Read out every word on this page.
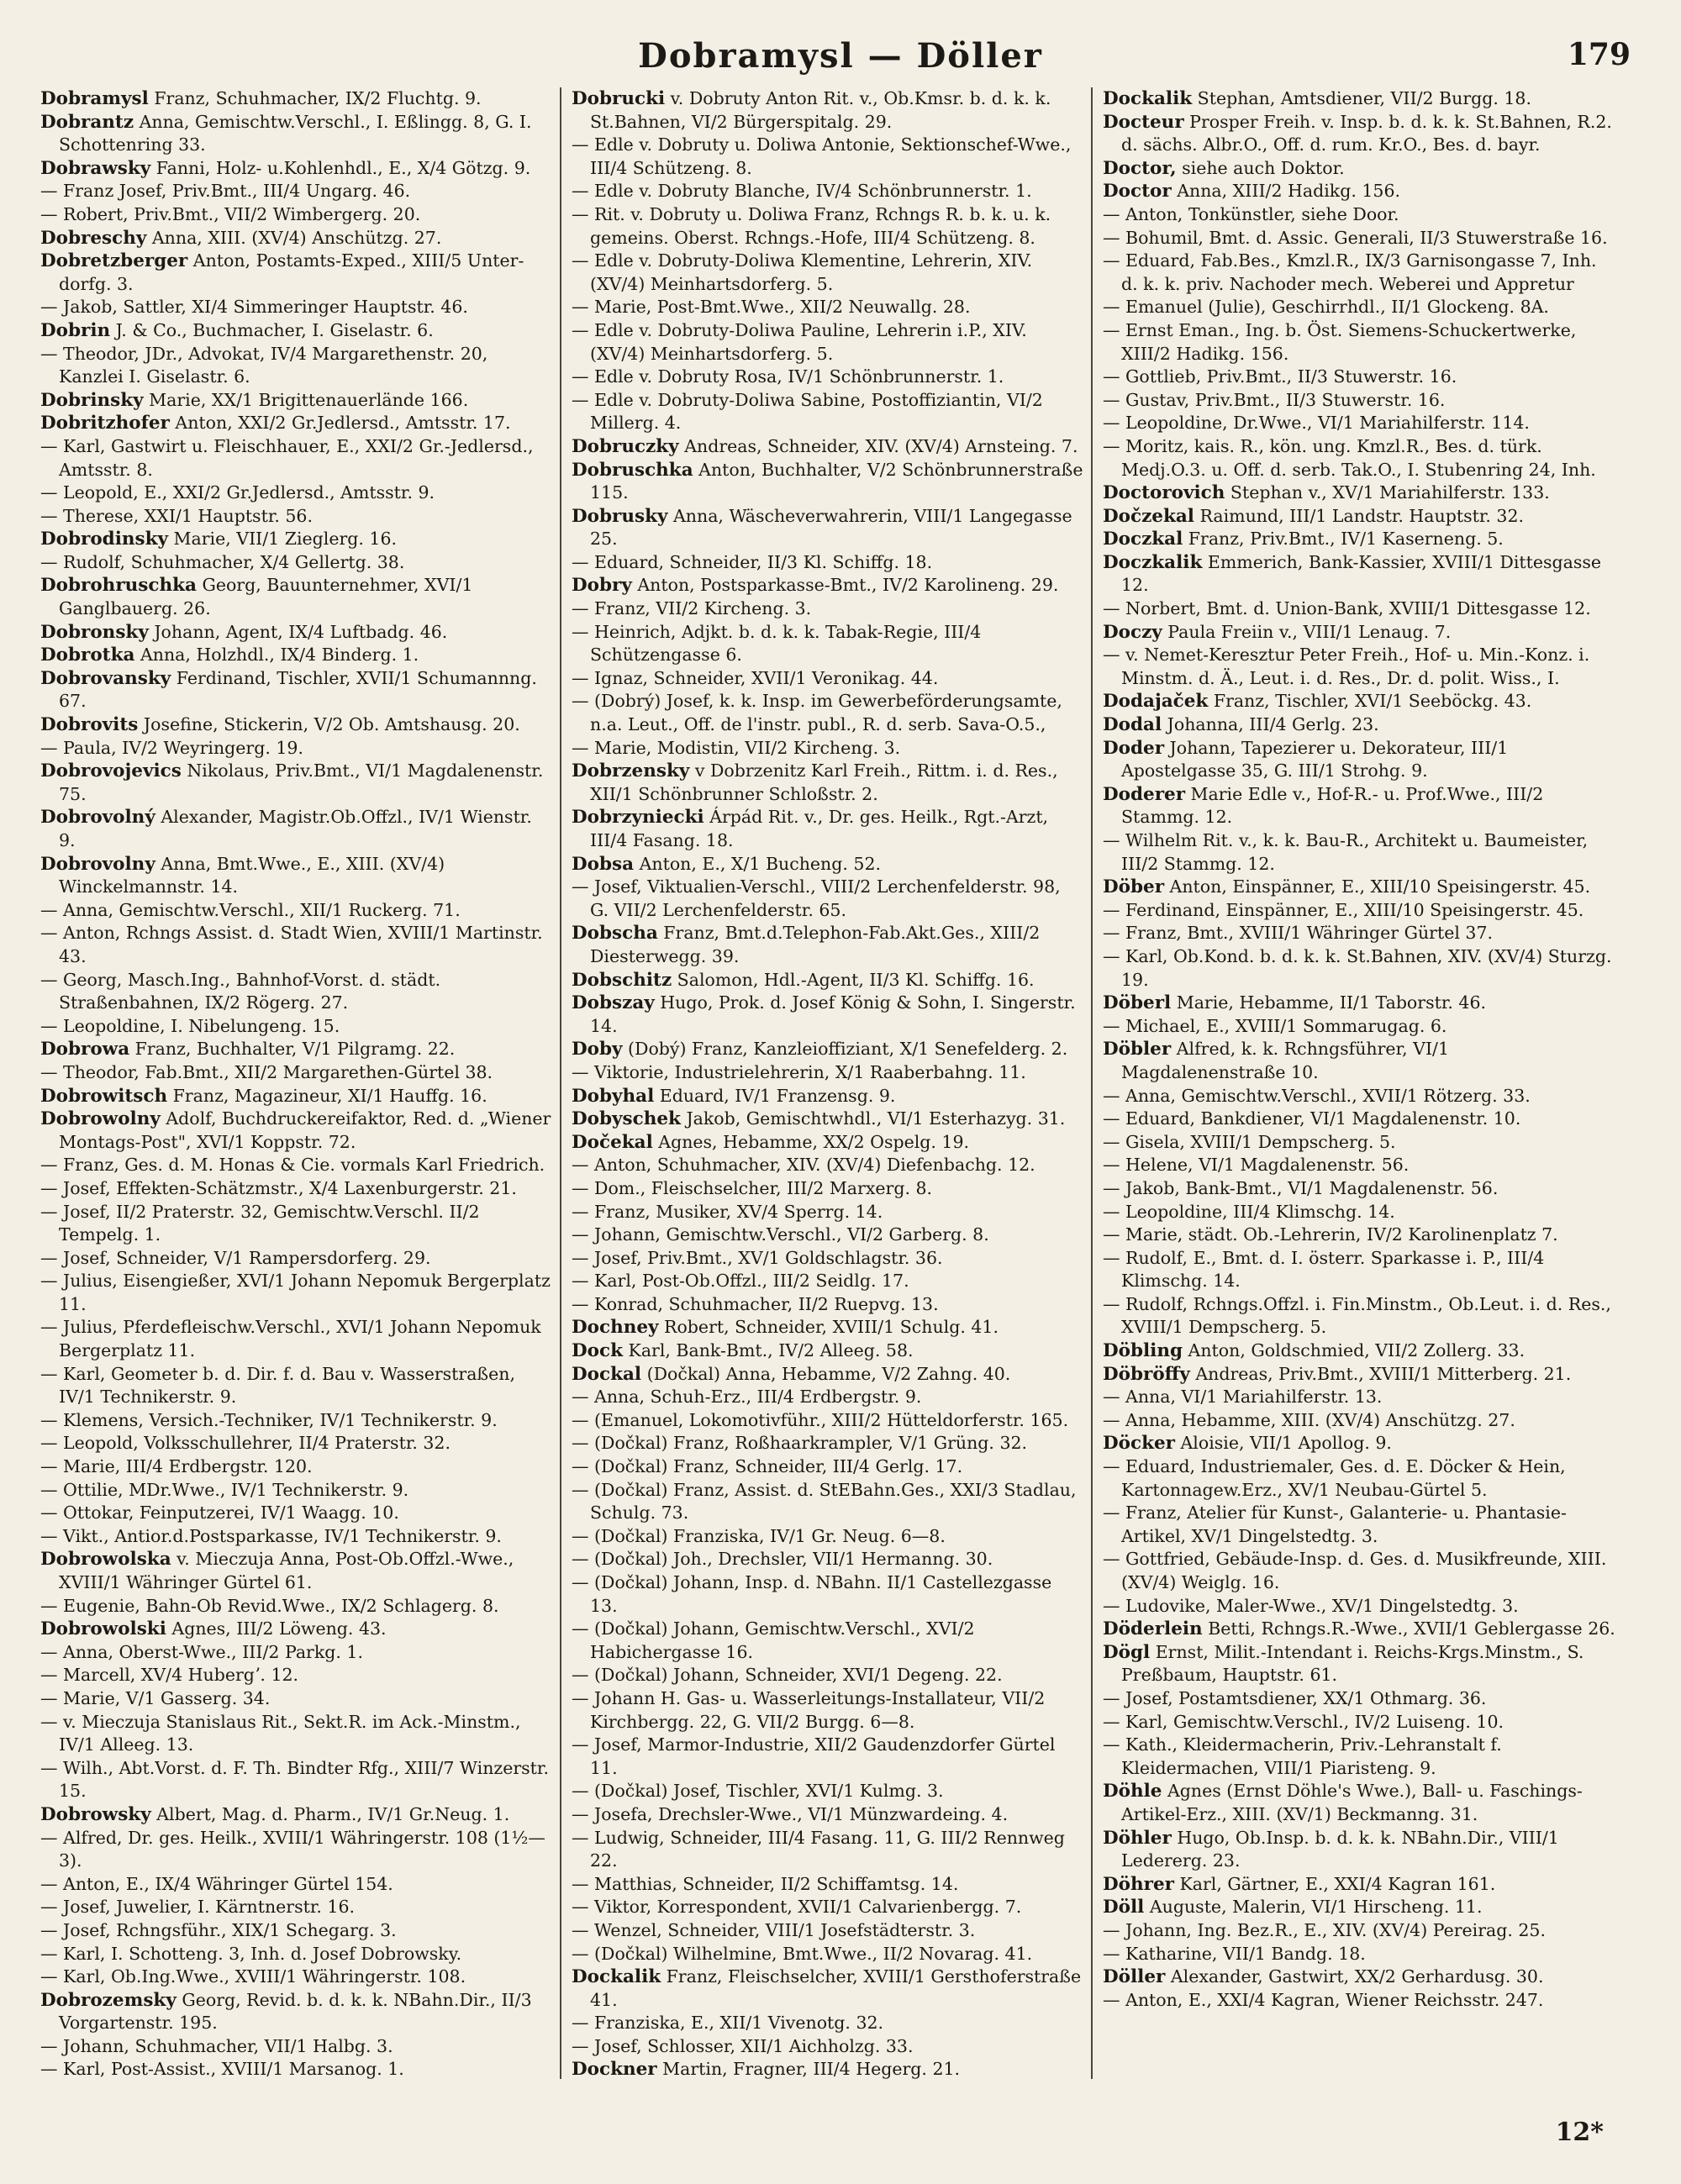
Dobramysl — Döller	179

Dobramysl Franz, Schuhmacher, IX/2 Fluchtg. 9.

Dobrantz Anna, Gemischtw.Verschl., I. Eßlingg. 8, G. I. Schottenring 33.

Dobrawsky Fanni, Holz- u.Kohlenhdl., E., X/4 Götzg. 9.

— Franz Josef, Priv.Bmt., III/4 Ungarg. 46.

— Robert, Priv.Bmt., VII/2 Wimbergerg. 20.

Dobreschy Anna, XIII. (XV/4) Anschützg. 27.

Dobretzberger Anton, Postamts-Exped., XIII/5 Unter-dorfg. 3.

— Jakob, Sattler, XI/4 Simmeringer Hauptstr. 46.

Dobrin J. & Co., Buchmacher, I. Giselastr. 6.

— Theodor, JDr., Advokat, IV/4 Margarethenstr. 20, Kanzlei I. Giselastr. 6.

Dobrinsky Marie, XX/1 Brigittenauerlände 166.

Dobritzhofer Anton, XXI/2 Gr.Jedlersd., Amtsstr. 17.

— Karl, Gastwirt u. Fleischhauer, E., XXI/2 Gr.-Jedlersd., Amtsstr. 8.

— Leopold, E., XXI/2 Gr.Jedlersd., Amtsstr. 9.

— Therese, XXI/1 Hauptstr. 56.

Dobrodinsky Marie, VII/1 Zieglerg. 16.

— Rudolf, Schuhmacher, X/4 Gellertg. 38.

Dobrohruschka Georg, Bauunternehmer, XVI/1 Ganglbauerg. 26.

Dobronsky Johann, Agent, IX/4 Luftbadg. 46.

Dobrotka Anna, Holzhdl., IX/4 Binderg. 1.

Dobrovansky Ferdinand, Tischler, XVII/1 Schumannng. 67.

Dobrovits Josefine, Stickerin, V/2 Ob. Amtshausg. 20.

— Paula, IV/2 Weyringerg. 19.

Dobrovojevics Nikolaus, Priv.Bmt., VI/1 Magdalenenstr. 75.

Dobrovolný Alexander, Magistr.Ob.Offzl., IV/1 Wienstr. 9.

Dobrovolny Anna, Bmt.Wwe., E., XIII. (XV/4) Winckelmannstr. 14.

— Anna, Gemischtw.Verschl., XII/1 Ruckerg. 71.

— Anton, Rchngs Assist. d. Stadt Wien, XVIII/1 Martinstr. 43.

— Georg, Masch.Ing., Bahnhof-Vorst. d. städt. Straßenbahnen, IX/2 Rögerg. 27.

— Leopoldine, I. Nibelungeng. 15.

Dobrowa Franz, Buchhalter, V/1 Pilgramg. 22.

— Theodor, Fab.Bmt., XII/2 Margarethen-Gürtel 38.

Dobrowitsch Franz, Magazineur, XI/1 Hauffg. 16.

Dobrowolny Adolf, Buchdruckereifaktor, Red. d. „Wiener Montags-Post", XVI/1 Koppstr. 72.

— Franz, Ges. d. M. Honas & Cie. vormals Karl Friedrich.

— Josef, Effekten-Schätzmstr., X/4 Laxenburgerstr. 21.

— Josef, II/2 Praterstr. 32, Gemischtw.Verschl. II/2 Tempelg. 1.

— Josef, Schneider, V/1 Rampersdorferg. 29.

— Julius, Eisengießer, XVI/1 Johann Nepomuk Bergerplatz 11.

— Julius, Pferdefleischw.Verschl., XVI/1 Johann Nepomuk Bergerplatz 11.

— Karl, Geometer b. d. Dir. f. d. Bau v. Wasserstraßen, IV/1 Technikerstr. 9.

— Klemens, Versich.-Techniker, IV/1 Technikerstr. 9.

— Leopold, Volksschullehrer, II/4 Praterstr. 32.

— Marie, III/4 Erdbergstr. 120.

— Ottilie, MDr.Wwe., IV/1 Technikerstr. 9.

— Ottokar, Feinputzerei, IV/1 Waagg. 10.

— Vikt., Antior.d.Postsparkasse, IV/1 Technikerstr. 9.

Dobrowolska v. Mieczuja Anna, Post-Ob.Offzl.-Wwe., XVIII/1 Währinger Gürtel 61.

— Eugenie, Bahn-Ob Revid.Wwe., IX/2 Schlagerg. 8.

Dobrowolski Agnes, III/2 Löweng. 43.

— Anna, Oberst-Wwe., III/2 Parkg. 1.

— Marcell, XV/4 Hubergʼ. 12.

— Marie, V/1 Gasserg. 34.

— v. Mieczuja Stanislaus Rit., Sekt.R. im Ack.-Minstm., IV/1 Alleeg. 13.

— Wilh., Abt.Vorst. d. F. Th. Bindter Rfg., XIII/7 Winzerstr. 15.

Dobrowsky Albert, Mag. d. Pharm., IV/1 Gr.Neug. 1.

— Alfred, Dr. ges. Heilk., XVIII/1 Währingerstr. 108 (1½—3).

— Anton, E., IX/4 Währinger Gürtel 154.

— Josef, Juwelier, I. Kärntnerstr. 16.

— Josef, Rchngsführ., XIX/1 Schegarg. 3.

— Karl, I. Schotteng. 3, Inh. d. Josef Dobrowsky.

— Karl, Ob.Ing.Wwe., XVIII/1 Währingerstr. 108.

Dobrozemsky Georg, Revid. b. d. k. k. NBahn.Dir., II/3 Vorgartenstr. 195.

— Johann, Schuhmacher, VII/1 Halbg. 3.

— Karl, Post-Assist., XVIII/1 Marsanog. 1.

Dobrucki v. Dobruty Anton Rit. v., Ob.Kmsr. b. d. k. k. St.Bahnen, VI/2 Bürgerspitalg. 29.

— Edle v. Dobruty u. Doliwa Antonie, Sektionschef-Wwe., III/4 Schützeng. 8.

— Edle v. Dobruty Blanche, IV/4 Schönbrunnerstr. 1.

— Rit. v. Dobruty u. Doliwa Franz, Rchngs R. b. k. u. k. gemeins. Oberst. Rchngs.-Hofe, III/4 Schützeng. 8.

— Edle v. Dobruty-Doliwa Klementine, Lehrerin, XIV. (XV/4) Meinhartsdorferg. 5.

— Marie, Post-Bmt.Wwe., XII/2 Neuwallg. 28.

— Edle v. Dobruty-Doliwa Pauline, Lehrerin i.P., XIV. (XV/4) Meinhartsdorferg. 5.

— Edle v. Dobruty Rosa, IV/1 Schönbrunnerstr. 1.

— Edle v. Dobruty-Doliwa Sabine, Postoffiziantin, VI/2 Millerg. 4.

Dobruczky Andreas, Schneider, XIV. (XV/4) Arnsteing. 7.

Dobruschka Anton, Buchhalter, V/2 Schönbrunnerstraße 115.

Dobrusky Anna, Wäscheverwahrerin, VIII/1 Langegasse 25.

— Eduard, Schneider, II/3 Kl. Schiffg. 18.

Dobry Anton, Postsparkasse-Bmt., IV/2 Karolineng. 29.

— Franz, VII/2 Kircheng. 3.

— Heinrich, Adjkt. b. d. k. k. Tabak-Regie, III/4 Schützengasse 6.

— Ignaz, Schneider, XVII/1 Veronikag. 44.

— (Dobrý) Josef, k. k. Insp. im Gewerbeförderungsamte, n.a. Leut., Off. de l'instr. publ., R. d. serb. Sava-O.5.,

— Marie, Modistin, VII/2 Kircheng. 3.

Dobrzensky v Dobrzenitz Karl Freih., Rittm. i. d. Res., XII/1 Schönbrunner Schloßstr. 2.

Dobrzyniecki Árpád Rit. v., Dr. ges. Heilk., Rgt.-Arzt, III/4 Fasang. 18.

Dobsa Anton, E., X/1 Bucheng. 52.

— Josef, Viktualien-Verschl., VIII/2 Lerchenfelderstr. 98, G. VII/2 Lerchenfelderstr. 65.

Dobscha Franz, Bmt.d.Telephon-Fab.Akt.Ges., XIII/2 Diesterwegg. 39.

Dobschitz Salomon, Hdl.-Agent, II/3 Kl. Schiffg. 16.

Dobszay Hugo, Prok. d. Josef König & Sohn, I. Singerstr. 14.

Doby (Dobý) Franz, Kanzleioffiziant, X/1 Senefelderg. 2.

— Viktorie, Industrielehrerin, X/1 Raaberbahng. 11.

Dobyhal Eduard, IV/1 Franzensg. 9.

Dobyschek Jakob, Gemischtwhdl., VI/1 Esterhazyg. 31.

Dočekal Agnes, Hebamme, XX/2 Ospelg. 19.

— Anton, Schuhmacher, XIV. (XV/4) Diefenbachg. 12.

— Dom., Fleischselcher, III/2 Marxerg. 8.

— Franz, Musiker, XV/4 Sperrg. 14.

— Johann, Gemischtw.Verschl., VI/2 Garberg. 8.

— Josef, Priv.Bmt., XV/1 Goldschlagstr. 36.

— Karl, Post-Ob.Offzl., III/2 Seidlg. 17.

— Konrad, Schuhmacher, II/2 Ruepvg. 13.

Dochney Robert, Schneider, XVIII/1 Schulg. 41.

Dock Karl, Bank-Bmt., IV/2 Alleeg. 58.

Dockal (Dočkal) Anna, Hebamme, V/2 Zahng. 40.

— Anna, Schuh-Erz., III/4 Erdbergstr. 9.

— (Emanuel, Lokomotivführ., XIII/2 Hütteldorferstr. 165.

— (Dočkal) Franz, Roßhaarkrampler, V/1 Grüng. 32.

— (Dočkal) Franz, Schneider, III/4 Gerlg. 17.

— (Dočkal) Franz, Assist. d. StEBahn.Ges., XXI/3 Stadlau, Schulg. 73.

— (Dočkal) Franziska, IV/1 Gr. Neug. 6—8.

— (Dočkal) Joh., Drechsler, VII/1 Hermanng. 30.

— (Dočkal) Johann, Insp. d. NBahn. II/1 Castellezgasse 13.

— (Dočkal) Johann, Gemischtw.Verschl., XVI/2 Habichergasse 16.

— (Dočkal) Johann, Schneider, XVI/1 Degeng. 22.

— Johann H. Gas- u. Wasserleitungs-Installateur, VII/2 Kirchbergg. 22, G. VII/2 Burgg. 6—8.

— Josef, Marmor-Industrie, XII/2 Gaudenzdorfer Gürtel 11.

— (Dočkal) Josef, Tischler, XVI/1 Kulmg. 3.

— Josefa, Drechsler-Wwe., VI/1 Münzwardeing. 4.

— Ludwig, Schneider, III/4 Fasang. 11, G. III/2 Rennweg 22.

— Matthias, Schneider, II/2 Schiffamtsg. 14.

— Viktor, Korrespondent, XVII/1 Calvarienbergg. 7.

— Wenzel, Schneider, VIII/1 Josefstädterstr. 3.

— (Dočkal) Wilhelmine, Bmt.Wwe., II/2 Novarag. 41.

Dockalik Franz, Fleischselcher, XVIII/1 Gersthoferstraße 41.

— Franziska, E., XII/1 Vivenotg. 32.

— Josef, Schlosser, XII/1 Aichholzg. 33.

Dockner Martin, Fragner, III/4 Hegerg. 21.

Dockalik Stephan, Amtsdiener, VII/2 Burgg. 18.

Docteur Prosper Freih. v. Insp. b. d. k. k. St.Bahnen, R.2. d. sächs. Albr.O., Off. d. rum. Kr.O., Bes. d. bayr.

Doctor, siehe auch Doktor.

Doctor Anna, XIII/2 Hadikg. 156.

— Anton, Tonkünstler, siehe Door.

— Bohumil, Bmt. d. Assic. Generali, II/3 Stuwerstraße 16.

— Eduard, Fab.Bes., Kmzl.R., IX/3 Garnisongasse 7, Inh. d. k. k. priv. Nachoder mech. Weberei und Appretur

— Emanuel (Julie), Geschirrhdl., II/1 Glockeng. 8A.

— Ernst Eman., Ing. b. Öst. Siemens-Schuckertwerke, XIII/2 Hadikg. 156.

— Gottlieb, Priv.Bmt., II/3 Stuwerstr. 16.

— Gustav, Priv.Bmt., II/3 Stuwerstr. 16.

— Leopoldine, Dr.Wwe., VI/1 Mariahilferstr. 114.

— Moritz, kais. R., kön. ung. Kmzl.R., Bes. d. türk. Medj.O.3. u. Off. d. serb. Tak.O., I. Stubenring 24, Inh.

Doctorovich Stephan v., XV/1 Mariahilferstr. 133.

Dočzekal Raimund, III/1 Landstr. Hauptstr. 32.

Doczkal Franz, Priv.Bmt., IV/1 Kaserneng. 5.

Doczkalik Emmerich, Bank-Kassier, XVIII/1 Dittesgasse 12.

— Norbert, Bmt. d. Union-Bank, XVIII/1 Dittesgasse 12.

Doczy Paula Freiin v., VIII/1 Lenaug. 7.

— v. Nemet-Keresztur Peter Freih., Hof- u. Min.-Konz. i. Minstm. d. Ä., Leut. i. d. Res., Dr. d. polit. Wiss., I.

Dodajaček Franz, Tischler, XVI/1 Seeböckg. 43.

Dodal Johanna, III/4 Gerlg. 23.

Doder Johann, Tapezierer u. Dekorateur, III/1 Apostelgasse 35, G. III/1 Strohg. 9.

Doderer Marie Edle v., Hof-R.- u. Prof.Wwe., III/2 Stammg. 12.

— Wilhelm Rit. v., k. k. Bau-R., Architekt u. Baumeister, III/2 Stammg. 12.

Döber Anton, Einspänner, E., XIII/10 Speisingerstr. 45.

— Ferdinand, Einspänner, E., XIII/10 Speisingerstr. 45.

— Franz, Bmt., XVIII/1 Währinger Gürtel 37.

— Karl, Ob.Kond. b. d. k. k. St.Bahnen, XIV. (XV/4) Sturzg. 19.

Döberl Marie, Hebamme, II/1 Taborstr. 46.

— Michael, E., XVIII/1 Sommarugag. 6.

Döbler Alfred, k. k. Rchngsführer, VI/1 Magdalenenstraße 10.

— Anna, Gemischtw.Verschl., XVII/1 Rötzerg. 33.

— Eduard, Bankdiener, VI/1 Magdalenenstr. 10.

— Gisela, XVIII/1 Dempscherg. 5.

— Helene, VI/1 Magdalenenstr. 56.

— Jakob, Bank-Bmt., VI/1 Magdalenenstr. 56.

— Leopoldine, III/4 Klimschg. 14.

— Marie, städt. Ob.-Lehrerin, IV/2 Karolinenplatz 7.

— Rudolf, E., Bmt. d. I. österr. Sparkasse i. P., III/4 Klimschg. 14.

— Rudolf, Rchngs.Offzl. i. Fin.Minstm., Ob.Leut. i. d. Res., XVIII/1 Dempscherg. 5.

Döbling Anton, Goldschmied, VII/2 Zollerg. 33.

Döbröffy Andreas, Priv.Bmt., XVIII/1 Mitterberg. 21.

— Anna, VI/1 Mariahilferstr. 13.

— Anna, Hebamme, XIII. (XV/4) Anschützg. 27.

Döcker Aloisie, VII/1 Apollog. 9.

— Eduard, Industriemaler, Ges. d. E. Döcker & Hein, Kartonnagew.Erz., XV/1 Neubau-Gürtel 5.

— Franz, Atelier für Kunst-, Galanterie- u. Phantasie-Artikel, XV/1 Dingelstedtg. 3.

— Gottfried, Gebäude-Insp. d. Ges. d. Musikfreunde, XIII. (XV/4) Weiglg. 16.

— Ludovike, Maler-Wwe., XV/1 Dingelstedtg. 3.

Döderlein Betti, Rchngs.R.-Wwe., XVII/1 Geblergasse 26.

Dögl Ernst, Milit.-Intendant i. Reichs-Krgs.Minstm., S. Preßbaum, Hauptstr. 61.

— Josef, Postamtsdiener, XX/1 Othmarg. 36.

— Karl, Gemischtw.Verschl., IV/2 Luiseng. 10.

— Kath., Kleidermacherin, Priv.-Lehranstalt f. Kleidermachen, VIII/1 Piaristeng. 9.

Döhle Agnes (Ernst Döhle's Wwe.), Ball- u. Faschings-Artikel-Erz., XIII. (XV/1) Beckmanng. 31.

Döhler Hugo, Ob.Insp. b. d. k. k. NBahn.Dir., VIII/1 Ledererg. 23.

Döhrer Karl, Gärtner, E., XXI/4 Kagran 161.

Döll Auguste, Malerin, VI/1 Hirscheng. 11.

— Johann, Ing. Bez.R., E., XIV. (XV/4) Pereirag. 25.

— Katharine, VII/1 Bandg. 18.

Döller Alexander, Gastwirt, XX/2 Gerhardusg. 30.

— Anton, E., XXI/4 Kagran, Wiener Reichsstr. 247.

12*
